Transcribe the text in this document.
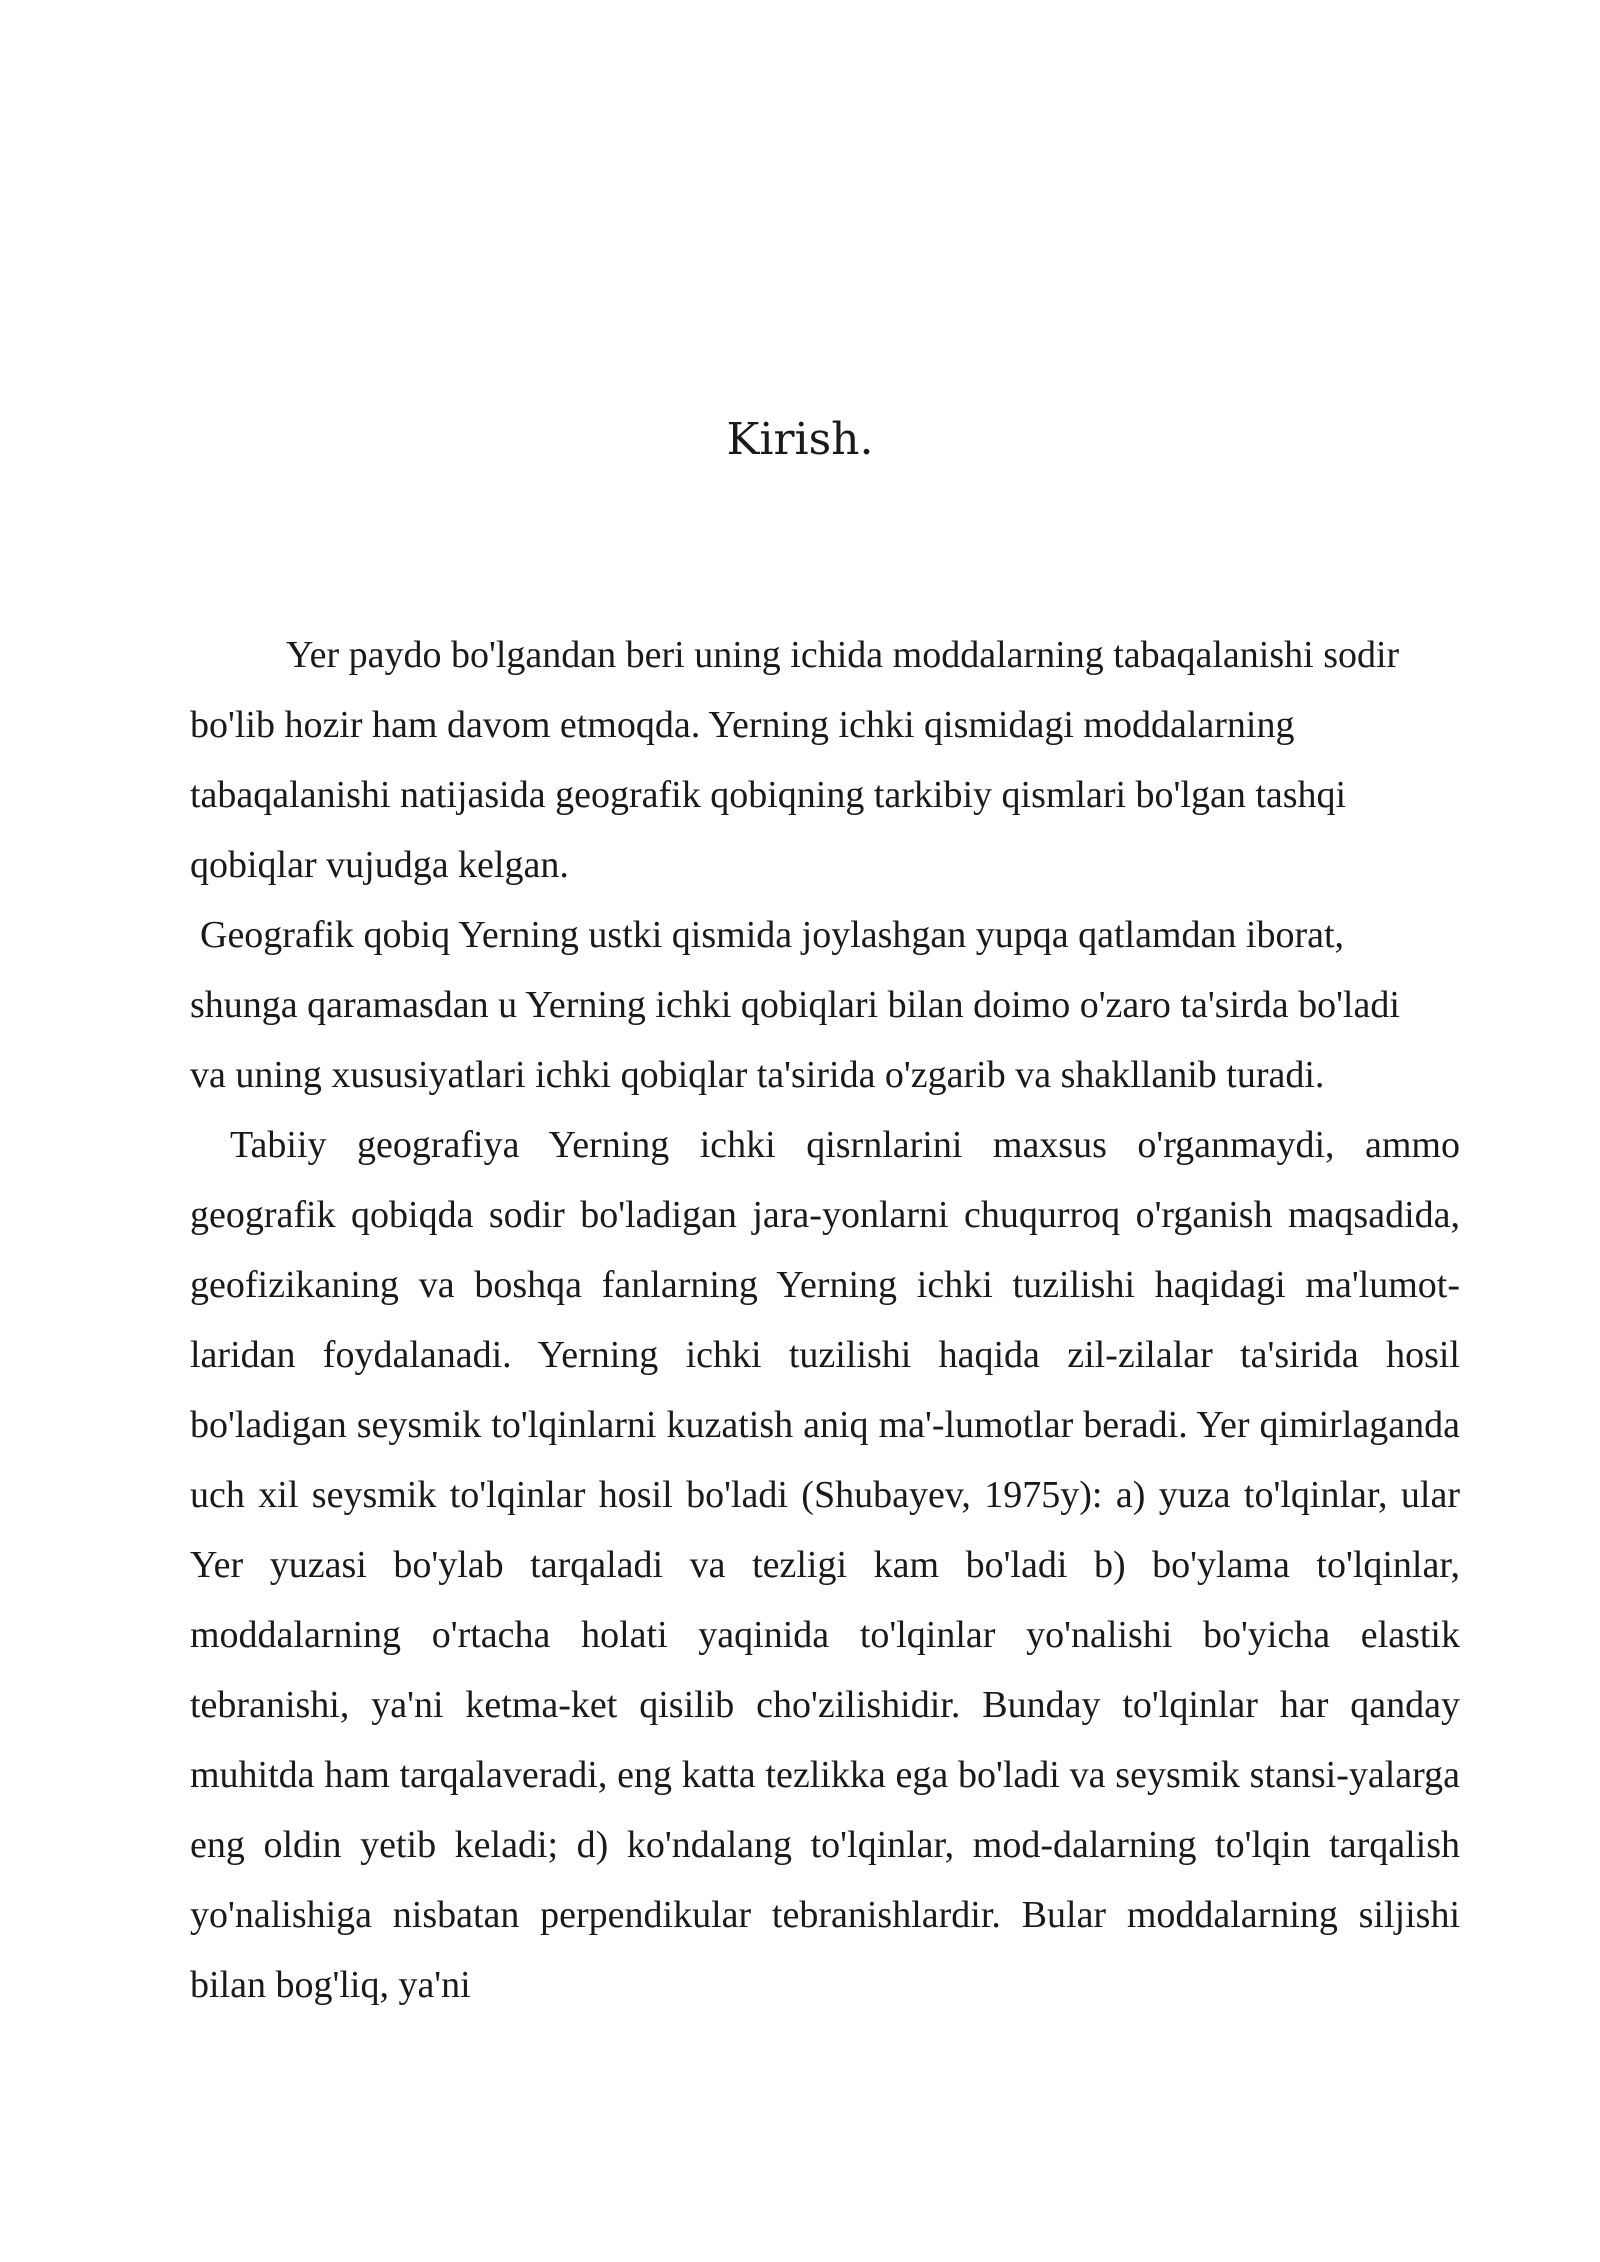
Kirish.

Yer paydo bo'lgandan beri uning ichida moddalarning tabaqalanishi sodir bo'lib hozir ham davom etmoqda. Yerning ichki qismidagi moddalarning tabaqalanishi natijasida geografik qobiqning tarkibiy qismlari bo'lgan tashqi qobiqlar vujudga kelgan.

Geografik qobiq Yerning ustki qismida joylashgan yupqa qatlamdan iborat, shunga qaramasdan u Yerning ichki qobiqlari bilan doimo o'zaro ta'sirda bo'ladi va uning xususiyatlari ichki qobiqlar ta'sirida o'zgarib va shakllanib turadi.

Tabiiy geografiya Yerning ichki qisrnlarini maxsus o'rganmaydi, ammo geografik qobiqda sodir bo'ladigan jara-yonlarni chuqurroq o'rganish maqsadida, geofizikaning va boshqa fanlarning Yerning ichki tuzilishi haqidagi ma'lumot-laridan foydalanadi. Yerning ichki tuzilishi haqida zil-zilalar ta'sirida hosil bo'ladigan seysmik to'lqinlarni kuzatish aniq ma'-lumotlar beradi. Yer qimirlaganda uch xil seysmik to'lqinlar hosil bo'ladi (Shubayev, 1975y): a) yuza to'lqinlar, ular Yer yuzasi bo'ylab tarqaladi va tezligi kam bo'ladi b) bo'ylama to'lqinlar, moddalarning o'rtacha holati yaqinida to'lqinlar yo'nalishi bo'yicha elastik tebranishi, ya'ni ketma-ket qisilib cho'zilishidir. Bunday to'lqinlar har qanday muhitda ham tarqalaveradi, eng katta tezlikka ega bo'ladi va seysmik stansi-yalarga eng oldin yetib keladi; d) ko'ndalang to'lqinlar, mod-dalarning to'lqin tarqalish yo'nalishiga nisbatan perpendikular tebranishlardir. Bular moddalarning siljishi bilan bog'liq, ya'ni
